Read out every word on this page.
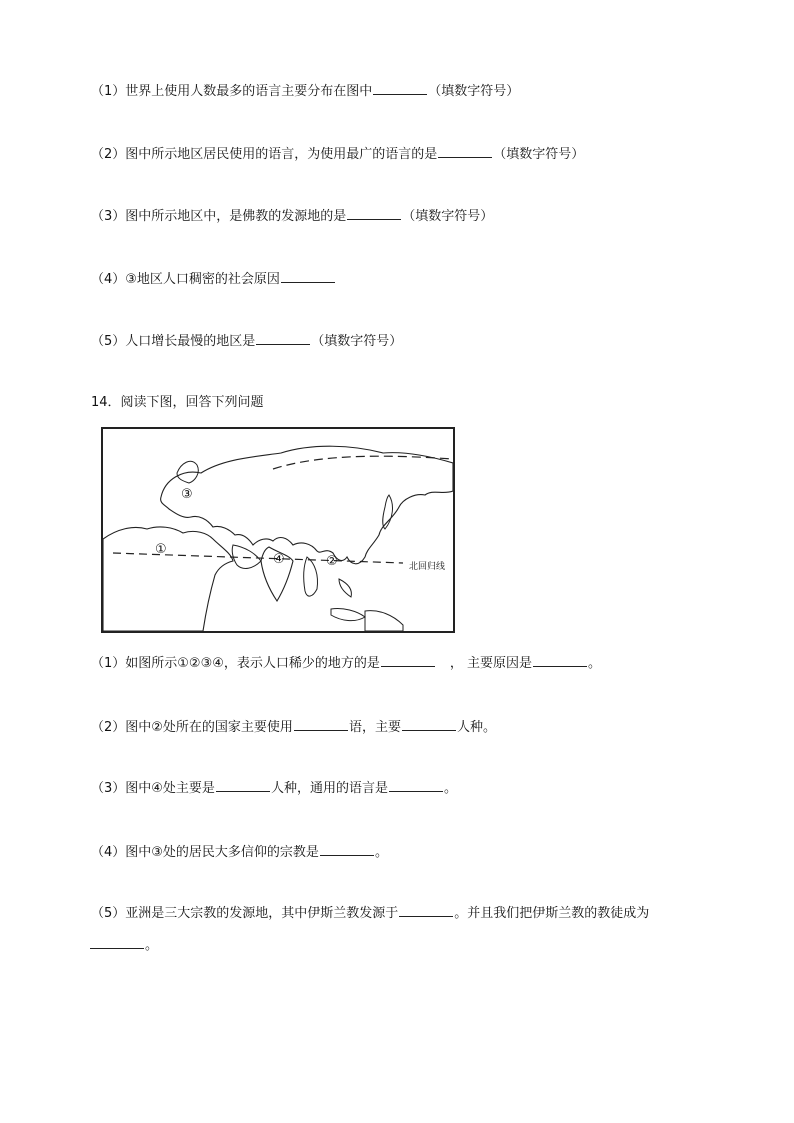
（1）世界上使用人数最多的语言主要分布在图中	（填数字符号）
（2）图中所示地区居民使用的语言，为使用最广的语言的是	（填数字符号）
（3）图中所示地区中，是佛教的发源地的是	（填数字符号）
（4）③地区人口稠密的社会原因
（5）人口增长最慢的地区是	（填数字符号）
14．阅读下图，回答下列问题
北回归线
①
②
③
④
（1）如图所示①②③④，表示人口稀少的地方的是	， 主要原因是	。
（2）图中②处所在的国家主要使用	语，主要	人种。
（3）图中④处主要是	人种，通用的语言是	。
（4）图中③处的居民大多信仰的宗教是	。
（5）亚洲是三大宗教的发源地，其中伊斯兰教发源于	。并且我们把伊斯兰教的教徒成为
。
